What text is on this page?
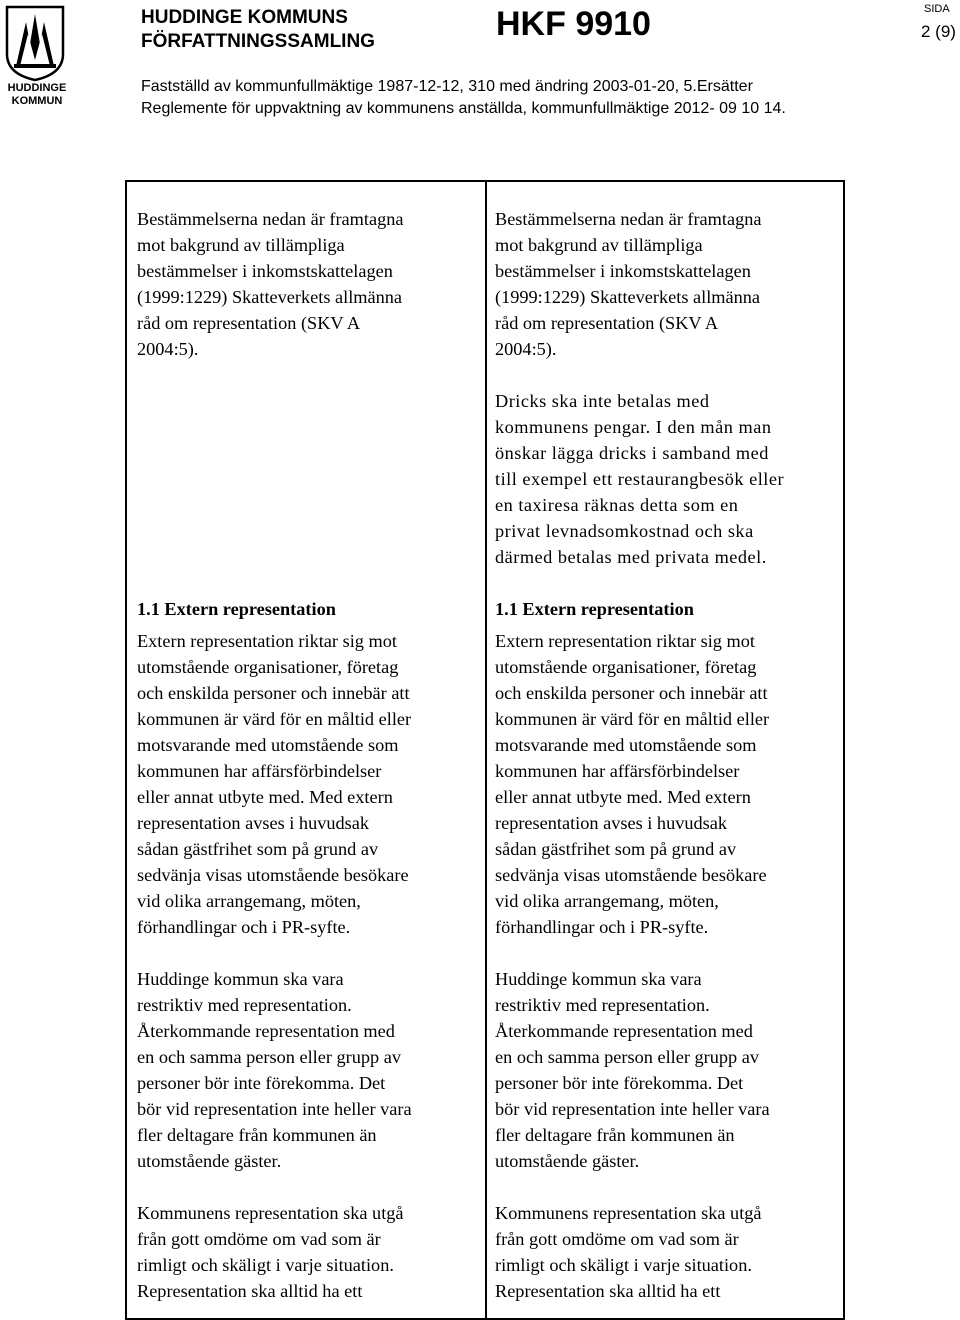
HUDDINGE
KOMMUN
HUDDINGE KOMMUNS
FÖRFATTNINGSSAMLING	HKF 9910	SIDA
2 (9)
Fastställd av kommunfullmäktige 1987-12-12, 310 med ändring 2003-01-20, 5.Ersätter
Reglemente för uppvaktning av kommunens anställda, kommunfullmäktige 2012- 09 10 14.

Bestämmelserna nedan är framtagna

mot bakgrund av tillämpliga

bestämmelser i inkomstskattelagen

(1999:1229) Skatteverkets allmänna

råd om representation (SKV A

2004:5).

Bestämmelserna nedan är framtagna

mot bakgrund av tillämpliga

bestämmelser i inkomstskattelagen

(1999:1229) Skatteverkets allmänna

råd om representation (SKV A

2004:5).

Dricks ska inte betalas med

kommunens pengar. I den mån man

önskar lägga dricks i samband med

till exempel ett restaurangbesök eller

en taxiresa räknas detta som en

privat levnadsomkostnad och ska

därmed betalas med privata medel.

1.1 Extern representation

Extern representation riktar sig mot

utomstående organisationer, företag

och enskilda personer och innebär att

kommunen är värd för en måltid eller

motsvarande med utomstående som

kommunen har affärsförbindelser

eller annat utbyte med. Med extern

representation avses i huvudsak

sådan gästfrihet som på grund av

sedvänja visas utomstående besökare

vid olika arrangemang, möten,

förhandlingar och i PR-syfte.

Huddinge kommun ska vara

restriktiv med representation.

Återkommande representation med

en och samma person eller grupp av

personer bör inte förekomma. Det

bör vid representation inte heller vara

fler deltagare från kommunen än

utomstående gäster.

Kommunens representation ska utgå

från gott omdöme om vad som är

rimligt och skäligt i varje situation.

Representation ska alltid ha ett

1.1 Extern representation

Extern representation riktar sig mot

utomstående organisationer, företag

och enskilda personer och innebär att

kommunen är värd för en måltid eller

motsvarande med utomstående som

kommunen har affärsförbindelser

eller annat utbyte med. Med extern

representation avses i huvudsak

sådan gästfrihet som på grund av

sedvänja visas utomstående besökare

vid olika arrangemang, möten,

förhandlingar och i PR-syfte.

Huddinge kommun ska vara

restriktiv med representation.

Återkommande representation med

en och samma person eller grupp av

personer bör inte förekomma. Det

bör vid representation inte heller vara

fler deltagare från kommunen än

utomstående gäster.

Kommunens representation ska utgå

från gott omdöme om vad som är

rimligt och skäligt i varje situation.

Representation ska alltid ha ett
